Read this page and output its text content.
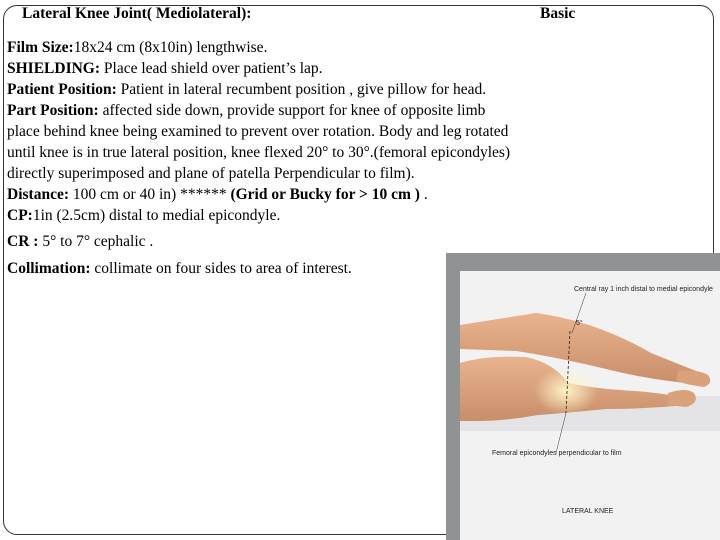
Lateral Knee Joint( Mediolateral):	Basic

Film Size:18x24 cm (8x10in) lengthwise.

SHIELDING: Place lead shield over patient’s lap.

Patient Position: Patient in lateral recumbent position , give pillow for head.

Part Position: affected side down, provide support for knee of opposite limb

place behind knee being examined to prevent over rotation. Body and leg rotated

until knee is in true lateral position, knee flexed 20° to 30°.(femoral epicondyles)

directly superimposed and plane of patella Perpendicular to film).

Distance: 100 cm or 40 in) ****** (Grid or Bucky for > 10 cm ) .

CP:1in (2.5cm) distal to medial epicondyle.

CR : 5° to 7° cephalic .

Collimation: collimate on four sides to area of interest.

Central ray 1 inch distal to medial epicondyle
5°
Femoral epicondyles perpendicular to film
LATERAL KNEE
